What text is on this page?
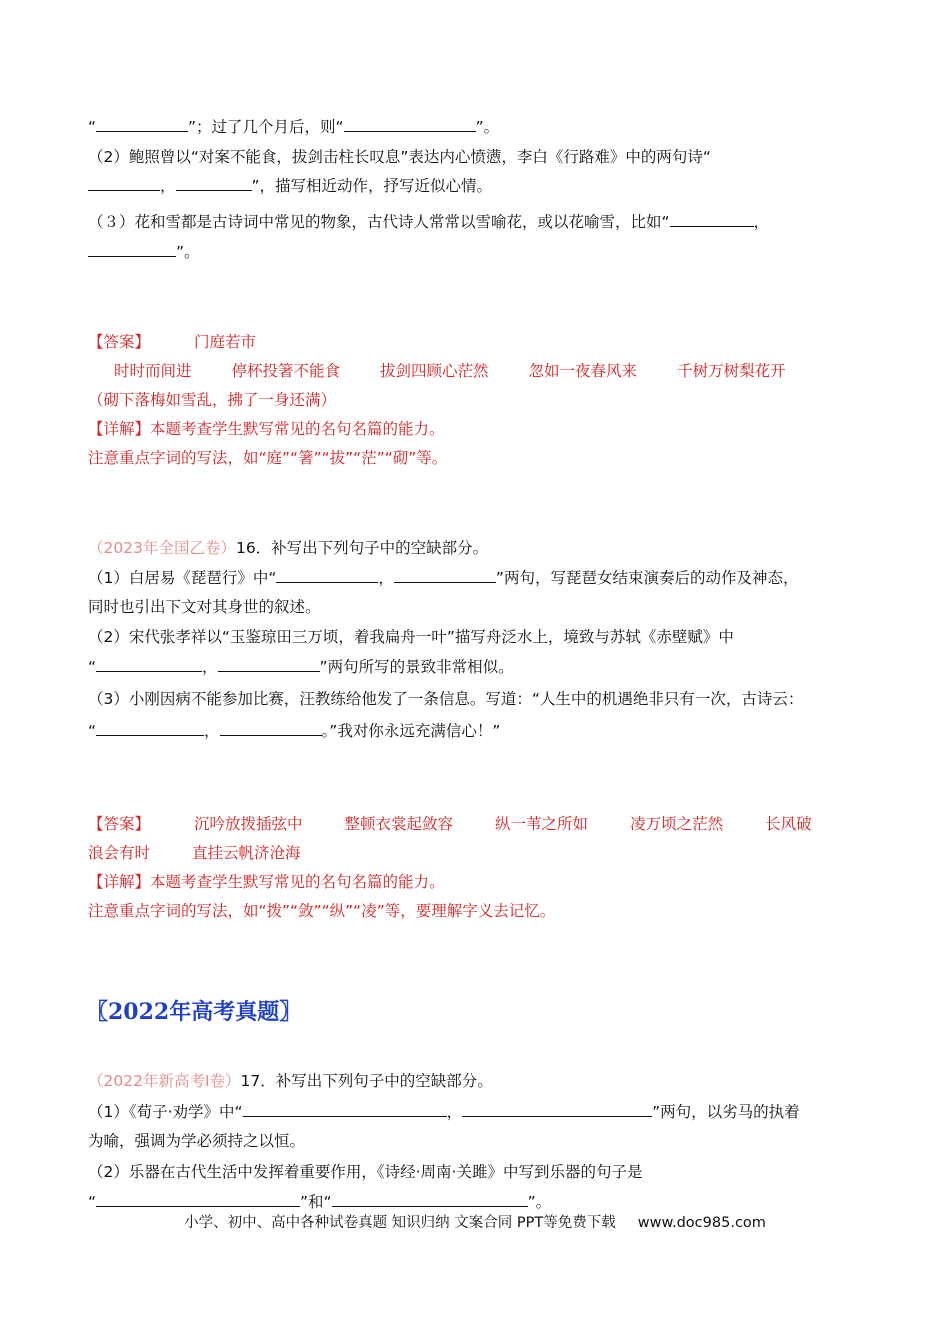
“	”；过了几个月后，则“	”。
（2）鲍照曾以“对案不能食，拔剑击柱长叹息”表达内心愤懑，李白《行路难》中的两句诗“
，	”，描写相近动作，抒写近似心情。
（３）花和雪都是古诗词中常见的物象，古代诗人常常以雪喻花，或以花喻雪，比如“	，
”。
【答案】	门庭若市
时时而间进	停杯投箸不能食	拔剑四顾心茫然	忽如一夜春风来	千树万树梨花开
（砌下落梅如雪乱，拂了一身还满）
【详解】本题考查学生默写常见的名句名篇的能力。
注意重点字词的写法，如“庭”“箸”“拔”“茫”“砌”等。
（2023年全国乙卷）16．补写出下列句子中的空缺部分。
（1）白居易《琵琶行》中“	，	”两句，写琵琶女结束演奏后的动作及神态，
同时也引出下文对其身世的叙述。
（2）宋代张孝祥以“玉鉴琼田三万顷，着我扁舟一叶”描写舟泛水上，境致与苏轼《赤壁赋》中
“	，	”两句所写的景致非常相似。
（3）小刚因病不能参加比赛，汪教练给他发了一条信息。写道：“人生中的机遇绝非只有一次，古诗云：
“	，	。”我对你永远充满信心！”
【答案】	沉吟放拨插弦中	整顿衣裳起敛容	纵一苇之所如	凌万顷之茫然	长风破
浪会有时	直挂云帆济沧海
【详解】本题考查学生默写常见的名句名篇的能力。
注意重点字词的写法，如“拨”“敛”“纵”“凌”等，要理解字义去记忆。
〖2022年高考真题〗
（2022年新高考Ⅰ卷）17．补写出下列句子中的空缺部分。
（1）《荀子·劝学》中“	，	”两句，以劣马的执着
为喻，强调为学必须持之以恒。
（2）乐器在古代生活中发挥着重要作用，《诗经·周南·关雎》中写到乐器的句子是
“	”和“	”。
小学、初中、高中各种试卷真题 知识归纳 文案合同 PPT等免费下载 www.doc985.com
